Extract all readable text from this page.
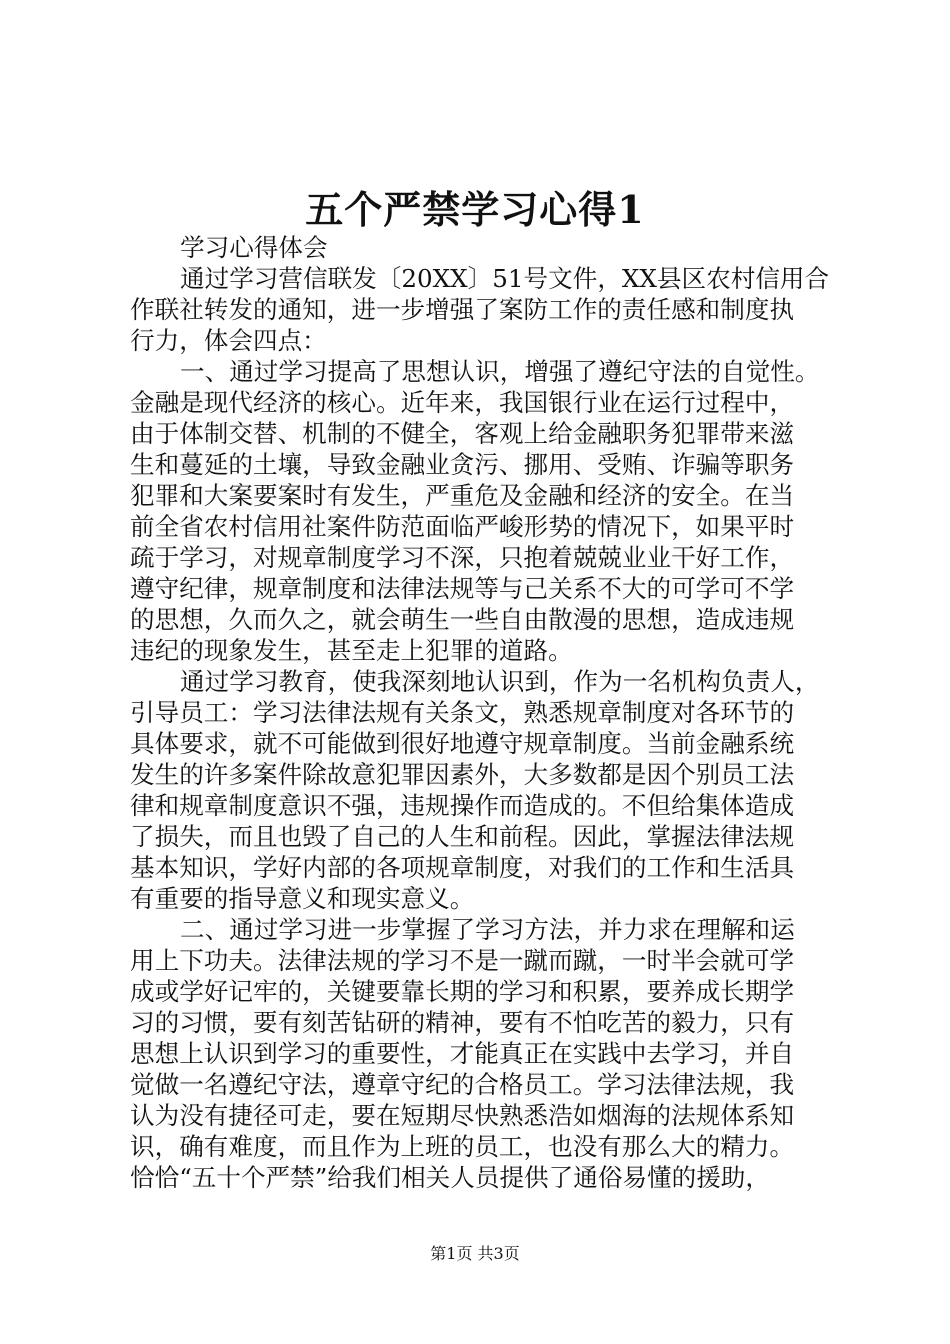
五个严禁学习心得1
学习心得体会
通过学习营信联发〔20XX〕51号文件，XX县区农村信用合
作联社转发的通知，进一步增强了案防工作的责任感和制度执
行力，体会四点：
一、通过学习提高了思想认识，增强了遵纪守法的自觉性。
金融是现代经济的核心。近年来，我国银行业在运行过程中，
由于体制交替、机制的不健全，客观上给金融职务犯罪带来滋
生和蔓延的土壤，导致金融业贪污、挪用、受贿、诈骗等职务
犯罪和大案要案时有发生，严重危及金融和经济的安全。在当
前全省农村信用社案件防范面临严峻形势的情况下，如果平时
疏于学习，对规章制度学习不深，只抱着兢兢业业干好工作，
遵守纪律，规章制度和法律法规等与己关系不大的可学可不学
的思想，久而久之，就会萌生一些自由散漫的思想，造成违规
违纪的现象发生，甚至走上犯罪的道路。
通过学习教育，使我深刻地认识到，作为一名机构负责人，
引导员工：学习法律法规有关条文，熟悉规章制度对各环节的
具体要求，就不可能做到很好地遵守规章制度。当前金融系统
发生的许多案件除故意犯罪因素外，大多数都是因个别员工法
律和规章制度意识不强，违规操作而造成的。不但给集体造成
了损失，而且也毁了自己的人生和前程。因此，掌握法律法规
基本知识，学好内部的各项规章制度，对我们的工作和生活具
有重要的指导意义和现实意义。
二、通过学习进一步掌握了学习方法，并力求在理解和运
用上下功夫。法律法规的学习不是一蹴而蹴，一时半会就可学
成或学好记牢的，关键要靠长期的学习和积累，要养成长期学
习的习惯，要有刻苦钻研的精神，要有不怕吃苦的毅力，只有
思想上认识到学习的重要性，才能真正在实践中去学习，并自
觉做一名遵纪守法，遵章守纪的合格员工。学习法律法规，我
认为没有捷径可走，要在短期尽快熟悉浩如烟海的法规体系知
识，确有难度，而且作为上班的员工，也没有那么大的精力。
恰恰“五十个严禁”给我们相关人员提供了通俗易懂的援助，
第1页 共3页
